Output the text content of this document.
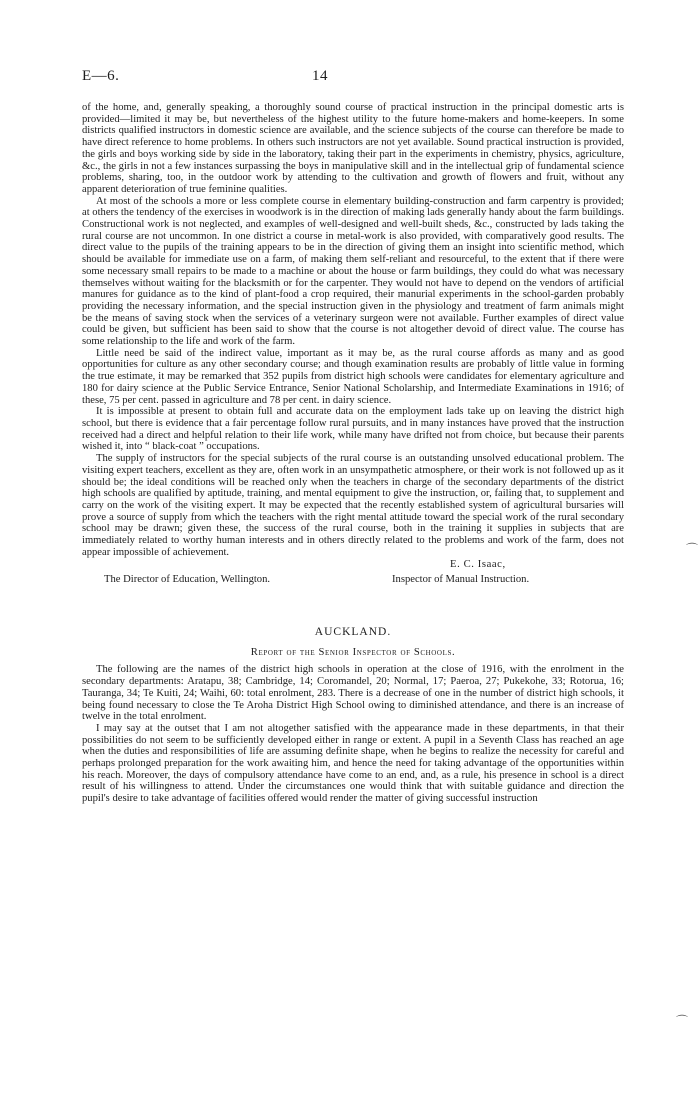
E—6.	14

of the home, and, generally speaking, a thoroughly sound course of practical instruction in the principal domestic arts is provided—limited it may be, but nevertheless of the highest utility to the future home-makers and home-keepers. In some districts qualified instructors in domestic science are available, and the science subjects of the course can therefore be made to have direct reference to home problems. In others such instructors are not yet available. Sound practical instruction is provided, the girls and boys working side by side in the laboratory, taking their part in the experiments in chemistry, physics, agriculture, &c., the girls in not a few instances surpassing the boys in manipulative skill and in the intellectual grip of fundamental science problems, sharing, too, in the outdoor work by attending to the cultivation and growth of flowers and fruit, without any apparent deterioration of true feminine qualities.

At most of the schools a more or less complete course in elementary building-construction and farm carpentry is provided; at others the tendency of the exercises in woodwork is in the direction of making lads generally handy about the farm buildings. Constructional work is not neglected, and examples of well-designed and well-built sheds, &c., constructed by lads taking the rural course are not uncommon. In one district a course in metal-work is also provided, with comparatively good results. The direct value to the pupils of the training appears to be in the direction of giving them an insight into scientific method, which should be available for immediate use on a farm, of making them self-reliant and resourceful, to the extent that if there were some necessary small repairs to be made to a machine or about the house or farm buildings, they could do what was necessary themselves without waiting for the blacksmith or for the carpenter. They would not have to depend on the vendors of artificial manures for guidance as to the kind of plant-food a crop required, their manurial experiments in the school-garden probably providing the necessary information, and the special instruction given in the physiology and treatment of farm animals might be the means of saving stock when the services of a veterinary surgeon were not available. Further examples of direct value could be given, but sufficient has been said to show that the course is not altogether devoid of direct value. The course has some relationship to the life and work of the farm.

Little need be said of the indirect value, important as it may be, as the rural course affords as many and as good opportunities for culture as any other secondary course; and though examination results are probably of little value in forming the true estimate, it may be remarked that 352 pupils from district high schools were candidates for elementary agriculture and 180 for dairy science at the Public Service Entrance, Senior National Scholarship, and Intermediate Examinations in 1916; of these, 75 per cent. passed in agriculture and 78 per cent. in dairy science.

It is impossible at present to obtain full and accurate data on the employment lads take up on leaving the district high school, but there is evidence that a fair percentage follow rural pursuits, and in many instances have proved that the instruction received had a direct and helpful relation to their life work, while many have drifted not from choice, but because their parents wished it, into “ black-coat ” occupations.

The supply of instructors for the special subjects of the rural course is an outstanding unsolved educational problem. The visiting expert teachers, excellent as they are, often work in an unsympathetic atmosphere, or their work is not followed up as it should be; the ideal conditions will be reached only when the teachers in charge of the secondary departments of the district high schools are qualified by aptitude, training, and mental equipment to give the instruction, or, failing that, to supplement and carry on the work of the visiting expert. It may be expected that the recently established system of agricultural bursaries will prove a source of supply from which the teachers with the right mental attitude toward the special work of the rural secondary school may be drawn; given these, the success of the rural course, both in the training it supplies in subjects that are immediately related to worthy human interests and in others directly related to the problems and work of the farm, does not appear impossible of achievement.

E. C. Isaac,
The Director of Education, Wellington.	Inspector of Manual Instruction.
AUCKLAND.
Report of the Senior Inspector of Schools.

The following are the names of the district high schools in operation at the close of 1916, with the enrolment in the secondary departments: Aratapu, 38; Cambridge, 14; Coromandel, 20; Normal, 17; Paeroa, 27; Pukekohe, 33; Rotorua, 16; Tauranga, 34; Te Kuiti, 24; Waihi, 60: total enrolment, 283. There is a decrease of one in the number of district high schools, it being found necessary to close the Te Aroha District High School owing to diminished attendance, and there is an increase of twelve in the total enrolment.

I may say at the outset that I am not altogether satisfied with the appearance made in these departments, in that their possibilities do not seem to be sufficiently developed either in range or extent. A pupil in a Seventh Class has reached an age when the duties and responsibilities of life are assuming definite shape, when he begins to realize the necessity for careful and perhaps prolonged preparation for the work awaiting him, and hence the need for taking advantage of the opportunities within his reach. Moreover, the days of compulsory attendance have come to an end, and, as a rule, his presence in school is a direct result of his willingness to attend. Under the circumstances one would think that with suitable guidance and direction the pupil's desire to take advantage of facilities offered would render the matter of giving successful instruction

⌒
⌒
